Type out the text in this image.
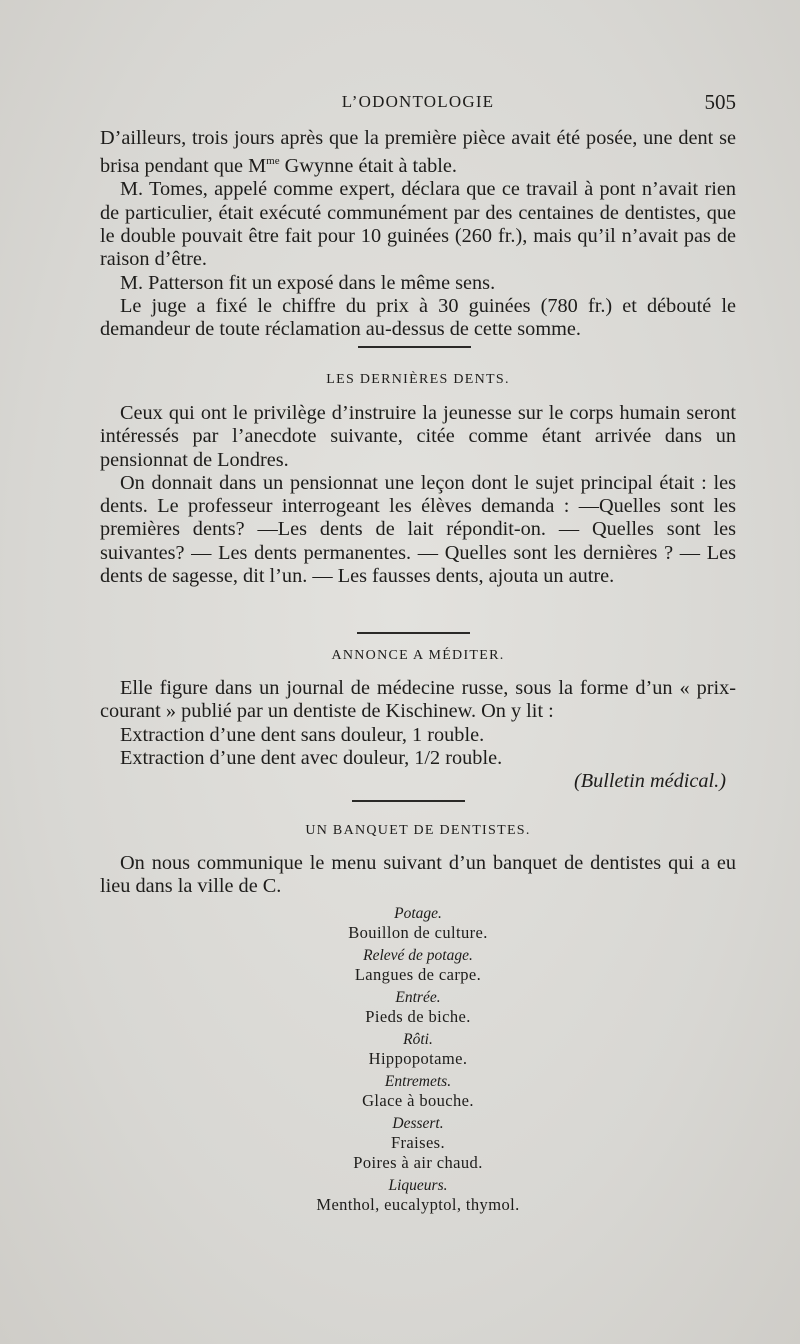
L’ODONTOLOGIE	505

D’ailleurs, trois jours après que la première pièce avait été posée, une dent se brisa pendant que $M^{me}$ Gwynne était à table.

M. Tomes, appelé comme expert, déclara que ce travail à pont n’avait rien de particulier, était exécuté communément par des centaines de dentistes, que le double pouvait être fait pour 10 guinées (260 fr.), mais qu’il n’avait pas de raison d’être.

M. Patterson fit un exposé dans le même sens.

Le juge a fixé le chiffre du prix à 30 guinées (780 fr.) et débouté le demandeur de toute réclamation au-dessus de cette somme.

LES DERNIÈRES DENTS.

Ceux qui ont le privilège d’instruire la jeunesse sur le corps humain seront intéressés par l’anecdote suivante, citée comme étant arrivée dans un pensionnat de Londres.

On donnait dans un pensionnat une leçon dont le sujet principal était : les dents. Le professeur interrogeant les élèves demanda : —Quelles sont les premières dents? —Les dents de lait répondit-on. — Quelles sont les suivantes? — Les dents permanentes. — Quelles sont les dernières ? — Les dents de sagesse, dit l’un. — Les fausses dents, ajouta un autre.

ANNONCE A MÉDITER.

Elle figure dans un journal de médecine russe, sous la forme d’un « prix-courant » publié par un dentiste de Kischinew. On y lit :

Extraction d’une dent sans douleur, 1 rouble.

Extraction d’une dent avec douleur, 1/2 rouble.

(Bulletin médical.)
UN BANQUET DE DENTISTES.

On nous communique le menu suivant d’un banquet de dentistes qui a eu lieu dans la ville de C.

Potage.
Bouillon de culture.
Relevé de potage.
Langues de carpe.
Entrée.
Pieds de biche.
Rôti.
Hippopotame.
Entremets.
Glace à bouche.
Dessert.
Fraises.
Poires à air chaud.
Liqueurs.
Menthol, eucalyptol, thymol.
